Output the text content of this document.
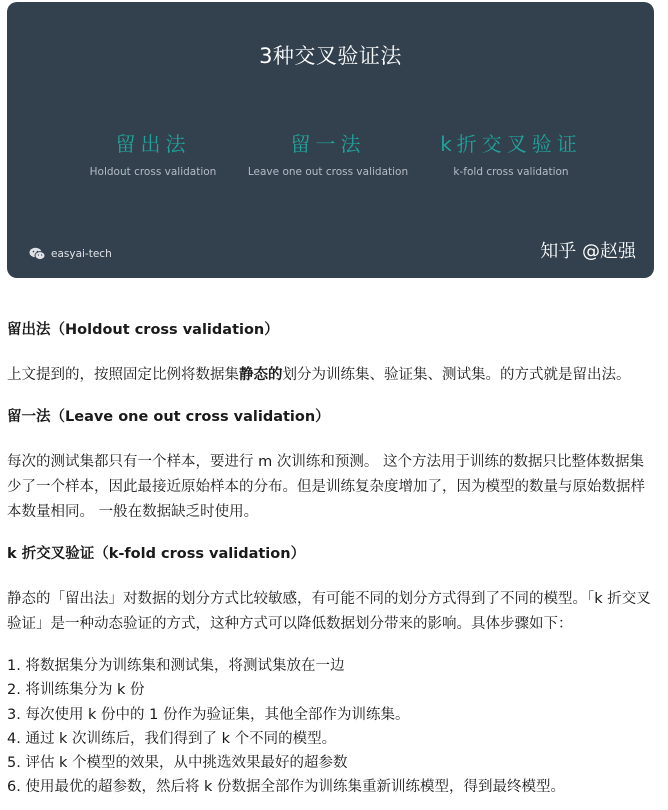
3种交叉验证法
留出法
Holdout cross validation
留一法
Leave one out cross validation
k折交叉验证
k-fold cross validation
easyai-tech	知乎 @赵强

留出法（Holdout cross validation）

上文提到的，按照固定比例将数据集静态的划分为训练集、验证集、测试集。的方式就是留出法。

留一法（Leave one out cross validation）

每次的测试集都只有一个样本，要进行 m 次训练和预测。 这个方法用于训练的数据只比整体数据集少了一个样本，因此最接近原始样本的分布。但是训练复杂度增加了，因为模型的数量与原始数据样本数量相同。 一般在数据缺乏时使用。

k 折交叉验证（k-fold cross validation）

静态的「留出法」对数据的划分方式比较敏感，有可能不同的划分方式得到了不同的模型。「k 折交叉验证」是一种动态验证的方式，这种方式可以降低数据划分带来的影响。具体步骤如下：

1. 将数据集分为训练集和测试集，将测试集放在一边
2. 将训练集分为 k 份
3. 每次使用 k 份中的 1 份作为验证集，其他全部作为训练集。
4. 通过 k 次训练后，我们得到了 k 个不同的模型。
5. 评估 k 个模型的效果，从中挑选效果最好的超参数
6. 使用最优的超参数，然后将 k 份数据全部作为训练集重新训练模型，得到最终模型。
